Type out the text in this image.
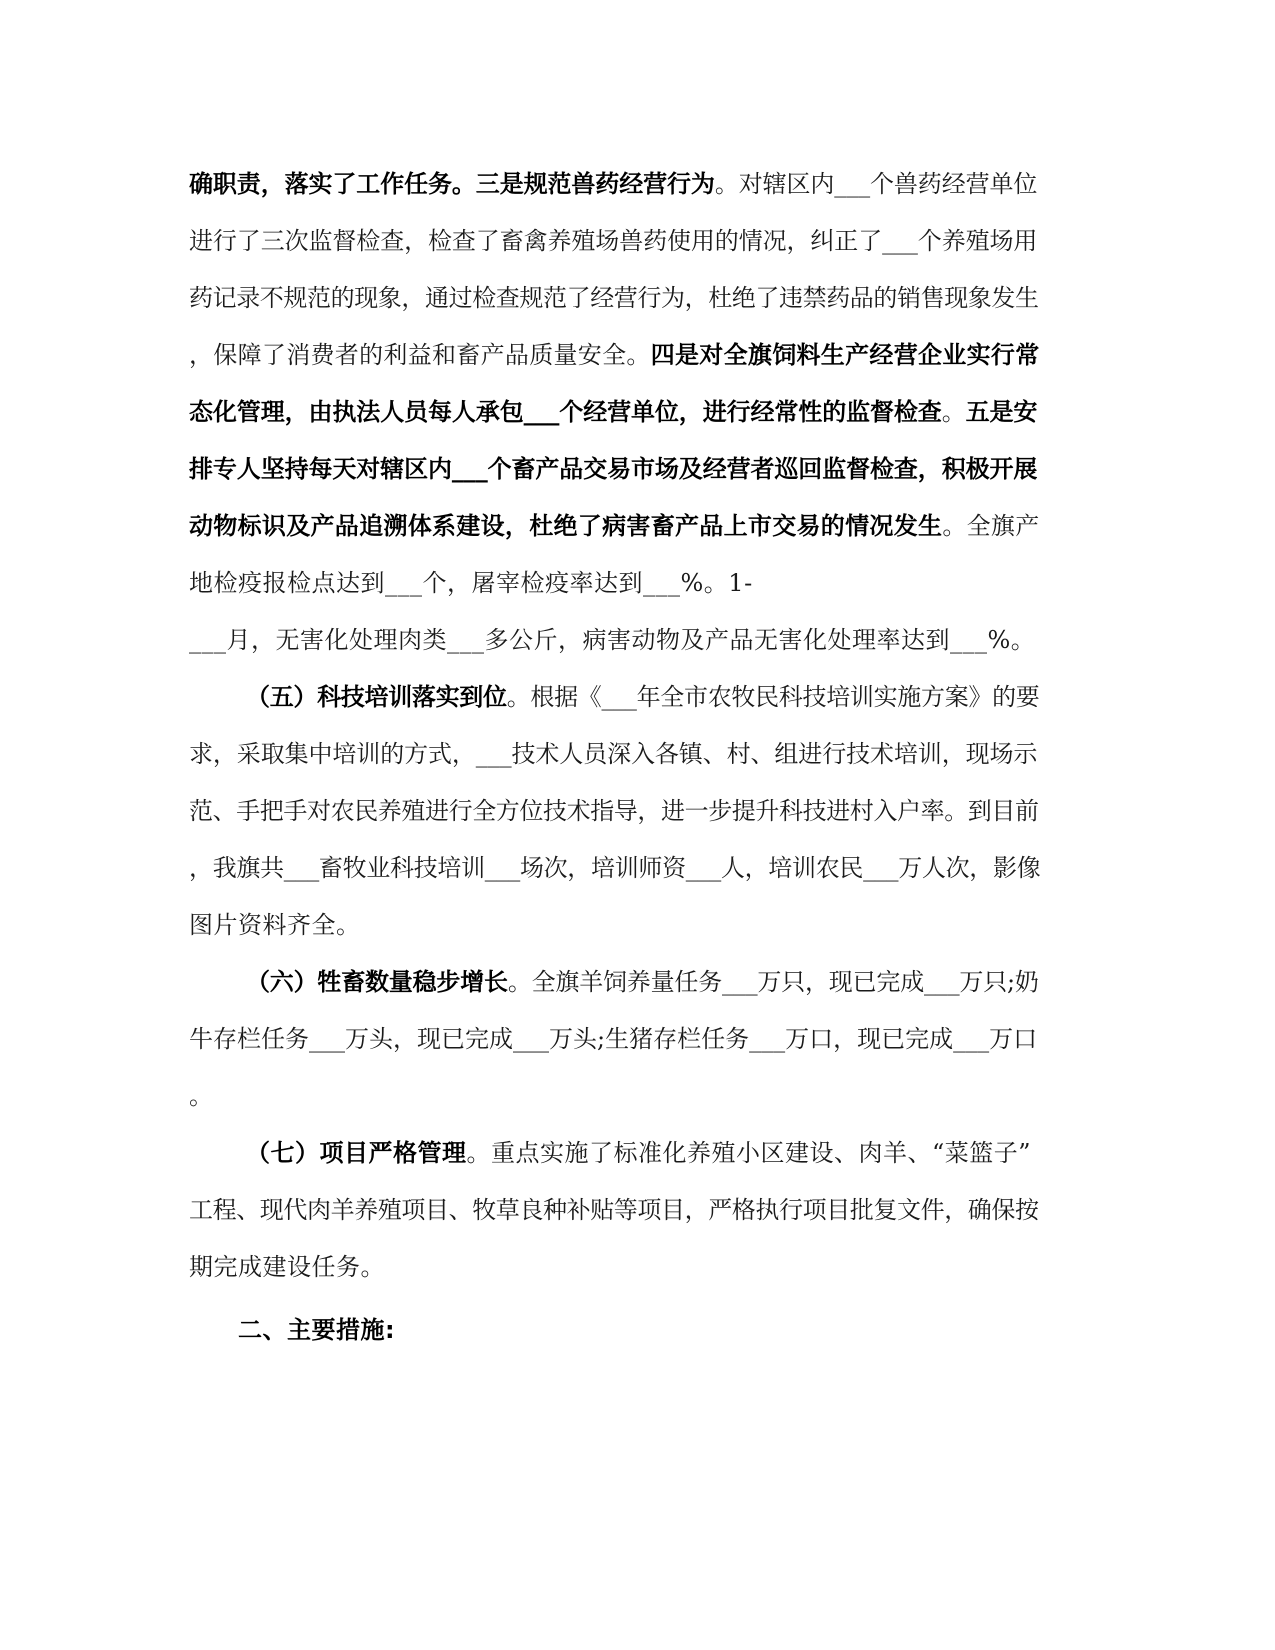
确职责，落实了工作任务。三是规范兽药经营行为。对辖区内___个兽药经营单位
进行了三次监督检查，检查了畜禽养殖场兽药使用的情况，纠正了___个养殖场用
药记录不规范的现象，通过检查规范了经营行为，杜绝了违禁药品的销售现象发生
，保障了消费者的利益和畜产品质量安全。四是对全旗饲料生产经营企业实行常
态化管理，由执法人员每人承包___个经营单位，进行经常性的监督检查。五是安
排专人坚持每天对辖区内___个畜产品交易市场及经营者巡回监督检查，积极开展
动物标识及产品追溯体系建设，杜绝了病害畜产品上市交易的情况发生。全旗产
地检疫报检点达到___个，屠宰检疫率达到___%。1-
___月，无害化处理肉类___多公斤，病害动物及产品无害化处理率达到___%。
（五）科技培训落实到位。根据《___年全市农牧民科技培训实施方案》的要
求，采取集中培训的方式，___技术人员深入各镇、村、组进行技术培训，现场示
范、手把手对农民养殖进行全方位技术指导，进一步提升科技进村入户率。到目前
，我旗共___畜牧业科技培训___场次，培训师资___人，培训农民___万人次，影像
图片资料齐全。
（六）牲畜数量稳步增长。全旗羊饲养量任务___万只，现已完成___万只;奶
牛存栏任务___万头，现已完成___万头;生猪存栏任务___万口，现已完成___万口
。
（七）项目严格管理。重点实施了标准化养殖小区建设、肉羊、“菜篮子”
工程、现代肉羊养殖项目、牧草良种补贴等项目，严格执行项目批复文件，确保按
期完成建设任务。
二、主要措施:
